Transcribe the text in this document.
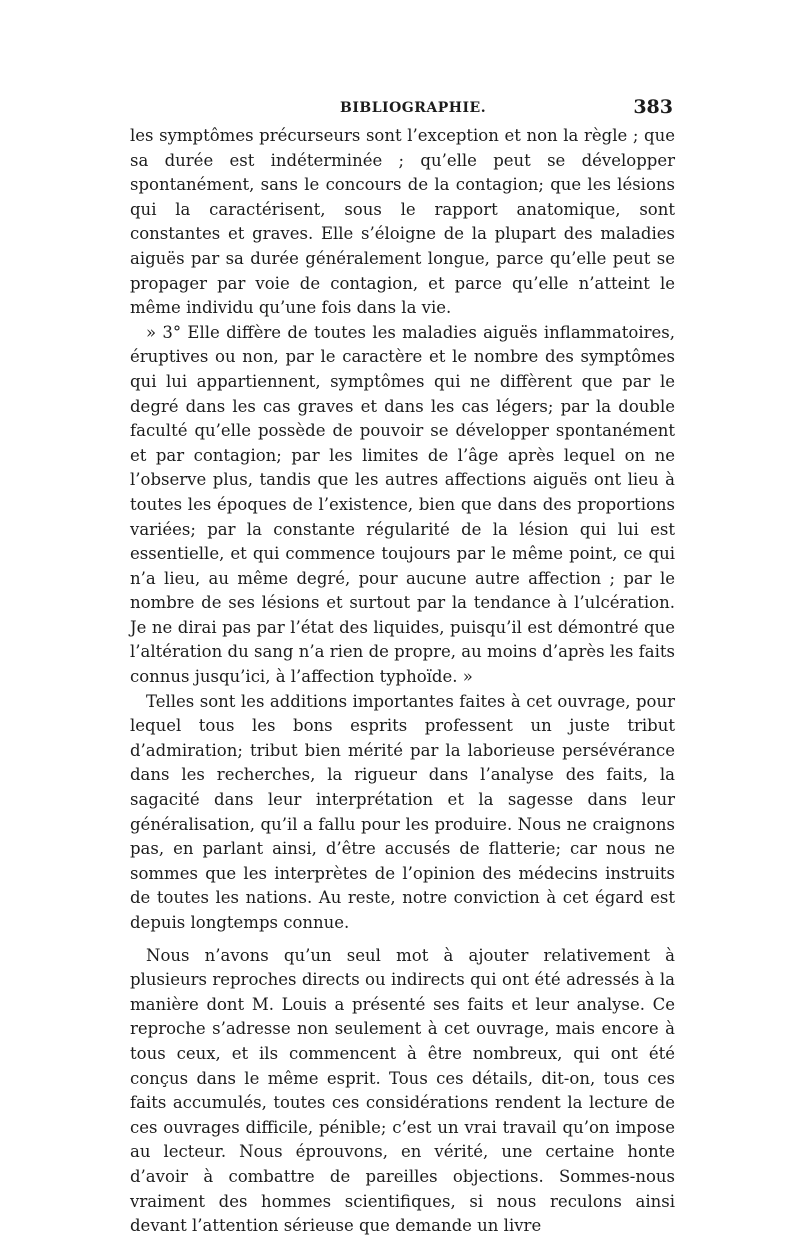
BIBLIOGRAPHIE.	383

les symptômes précurseurs sont l’exception et non la règle ; que sa durée est indéterminée ; qu’elle peut se développer spontanément, sans le concours de la contagion; que les lésions qui la caractérisent, sous le rapport anatomique, sont constantes et graves. Elle s’éloigne de la plupart des maladies aiguës par sa durée généralement longue, parce qu’elle peut se propager par voie de contagion, et parce qu’elle n’atteint le même individu qu’une fois dans la vie.

» 3° Elle diffère de toutes les maladies aiguës inflammatoires, éruptives ou non, par le caractère et le nombre des symptômes qui lui appartiennent, symptômes qui ne diffèrent que par le degré dans les cas graves et dans les cas légers; par la double faculté qu’elle possède de pouvoir se développer spontanément et par contagion; par les limites de l’âge après lequel on ne l’observe plus, tandis que les autres affections aiguës ont lieu à toutes les époques de l’existence, bien que dans des proportions variées; par la constante régularité de la lésion qui lui est essentielle, et qui commence toujours par le même point, ce qui n’a lieu, au même degré, pour aucune autre affection ; par le nombre de ses lésions et surtout par la tendance à l’ulcération. Je ne dirai pas par l’état des liquides, puisqu’il est démontré que l’altération du sang n’a rien de propre, au moins d’après les faits connus jusqu’ici, à l’affection typhoïde. »

Telles sont les additions importantes faites à cet ouvrage, pour lequel tous les bons esprits professent un juste tribut d’admiration; tribut bien mérité par la laborieuse persévérance dans les recherches, la rigueur dans l’analyse des faits, la sagacité dans leur interprétation et la sagesse dans leur généralisation, qu’il a fallu pour les produire. Nous ne craignons pas, en parlant ainsi, d’être accusés de flatterie; car nous ne sommes que les interprètes de l’opinion des médecins instruits de toutes les nations. Au reste, notre conviction à cet égard est depuis longtemps connue.

Nous n’avons qu’un seul mot à ajouter relativement à plusieurs reproches directs ou indirects qui ont été adressés à la manière dont M. Louis a présenté ses faits et leur analyse. Ce reproche s’adresse non seulement à cet ouvrage, mais encore à tous ceux, et ils commencent à être nombreux, qui ont été conçus dans le même esprit. Tous ces détails, dit-on, tous ces faits accumulés, toutes ces considérations rendent la lecture de ces ouvrages difficile, pénible; c’est un vrai travail qu’on impose au lecteur. Nous éprouvons, en vérité, une certaine honte d’avoir à combattre de pareilles objections. Sommes-nous vraiment des hommes scientifiques, si nous reculons ainsi devant l’attention sérieuse que demande un livre
